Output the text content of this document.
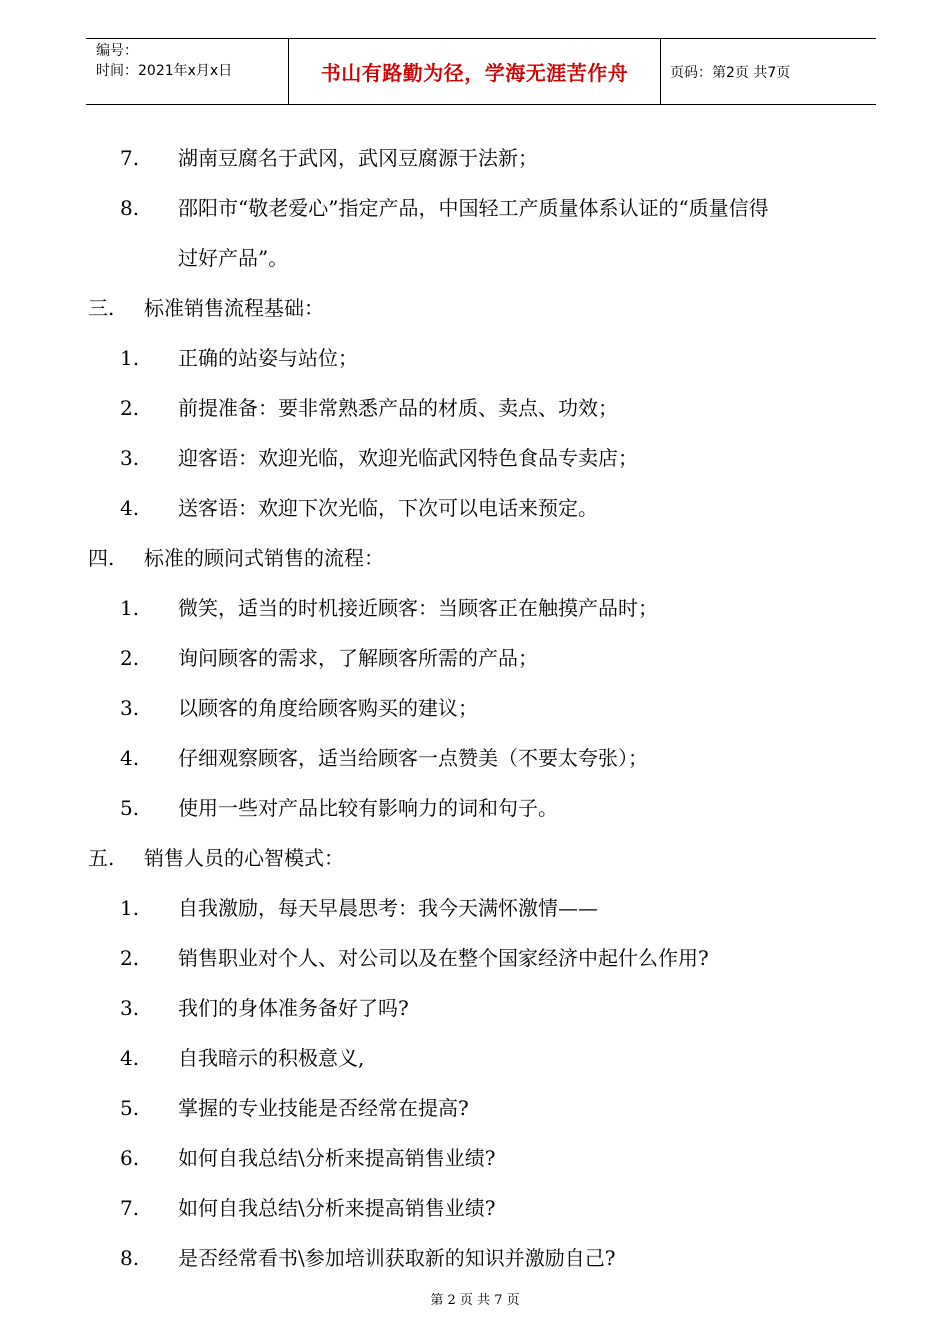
编号：
时间：2021年x月x日	书山有路勤为径，学海无涯苦作舟	页码：第2页 共7页
7. 湖南豆腐名于武冈，武冈豆腐源于法新；
8. 邵阳市“敬老爱心”指定产品，中国轻工产质量体系认证的“质量信得
过好产品”。
三. 标准销售流程基础：
1. 正确的站姿与站位；
2. 前提准备：要非常熟悉产品的材质、卖点、功效；
3. 迎客语：欢迎光临，欢迎光临武冈特色食品专卖店；
4. 送客语：欢迎下次光临，下次可以电话来预定。
四. 标准的顾问式销售的流程：
1. 微笑，适当的时机接近顾客：当顾客正在触摸产品时；
2. 询问顾客的需求，了解顾客所需的产品；
3. 以顾客的角度给顾客购买的建议；
4. 仔细观察顾客，适当给顾客一点赞美（不要太夸张）；
5. 使用一些对产品比较有影响力的词和句子。
五. 销售人员的心智模式：
1. 自我激励，每天早晨思考：我今天满怀激情——
2. 销售职业对个人、对公司以及在整个国家经济中起什么作用?
3. 我们的身体准务备好了吗?
4. 自我暗示的积极意义,
5. 掌握的专业技能是否经常在提高?
6. 如何自我总结\分析来提高销售业绩?
7. 如何自我总结\分析来提高销售业绩?
8. 是否经常看书\参加培训获取新的知识并激励自己?
第 2 页 共 7 页
